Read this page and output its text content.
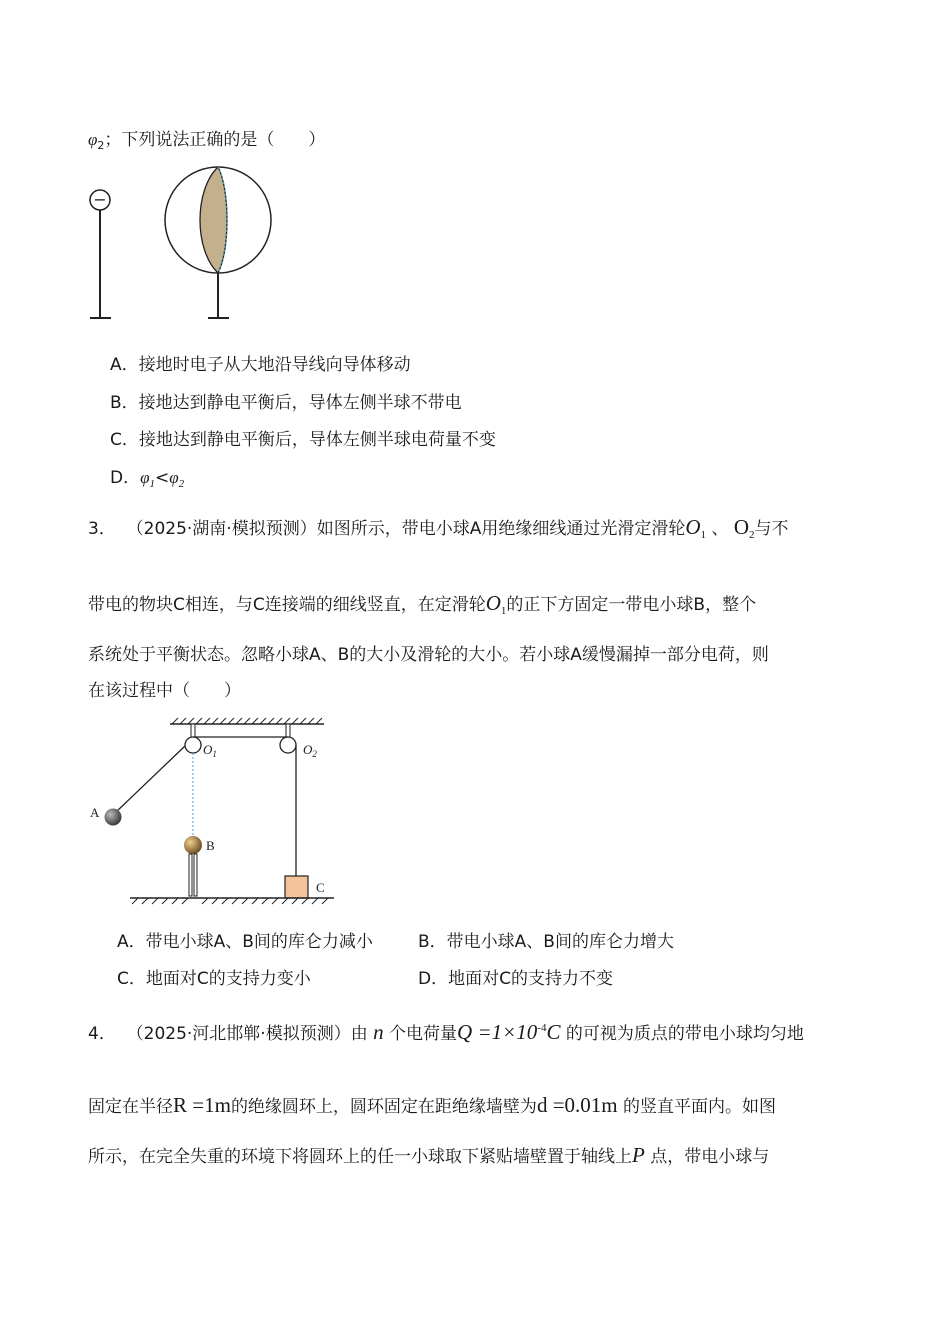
$\varphi_2$；下列说法正确的是（　　）
−
A．接地时电子从大地沿导线向导体移动
B．接地达到静电平衡后，导体左侧半球不带电
C．接地达到静电平衡后，导体左侧半球电荷量不变
D．$\varphi_1<\varphi_2$
3． （2025·湖南·模拟预测）如图所示，带电小球A用绝缘细线通过光滑定滑轮$O_1$ 、 $O_2$与不
带电的物块C相连，与C连接端的细线竖直，在定滑轮$O_1$的正下方固定一带电小球B，整个
系统处于平衡状态。忽略小球A、B的大小及滑轮的大小。若小球A缓慢漏掉一部分电荷，则
在该过程中（　　）
A
B
C
$O_1$	$O_2$
A．带电小球A、B间的库仑力减小	B．带电小球A、B间的库仑力增大
C．地面对C的支持力变小	D．地面对C的支持力不变
4． （2025·河北邯郸·模拟预测）由 n 个电荷量$Q =1\times 10^{-4}C$ 的可视为质点的带电小球均匀地
固定在半径R =1m的绝缘圆环上，圆环固定在距绝缘墙壁为d =0.01m 的竖直平面内。如图
所示，在完全失重的环境下将圆环上的任一小球取下紧贴墙壁置于轴线上P 点，带电小球与
